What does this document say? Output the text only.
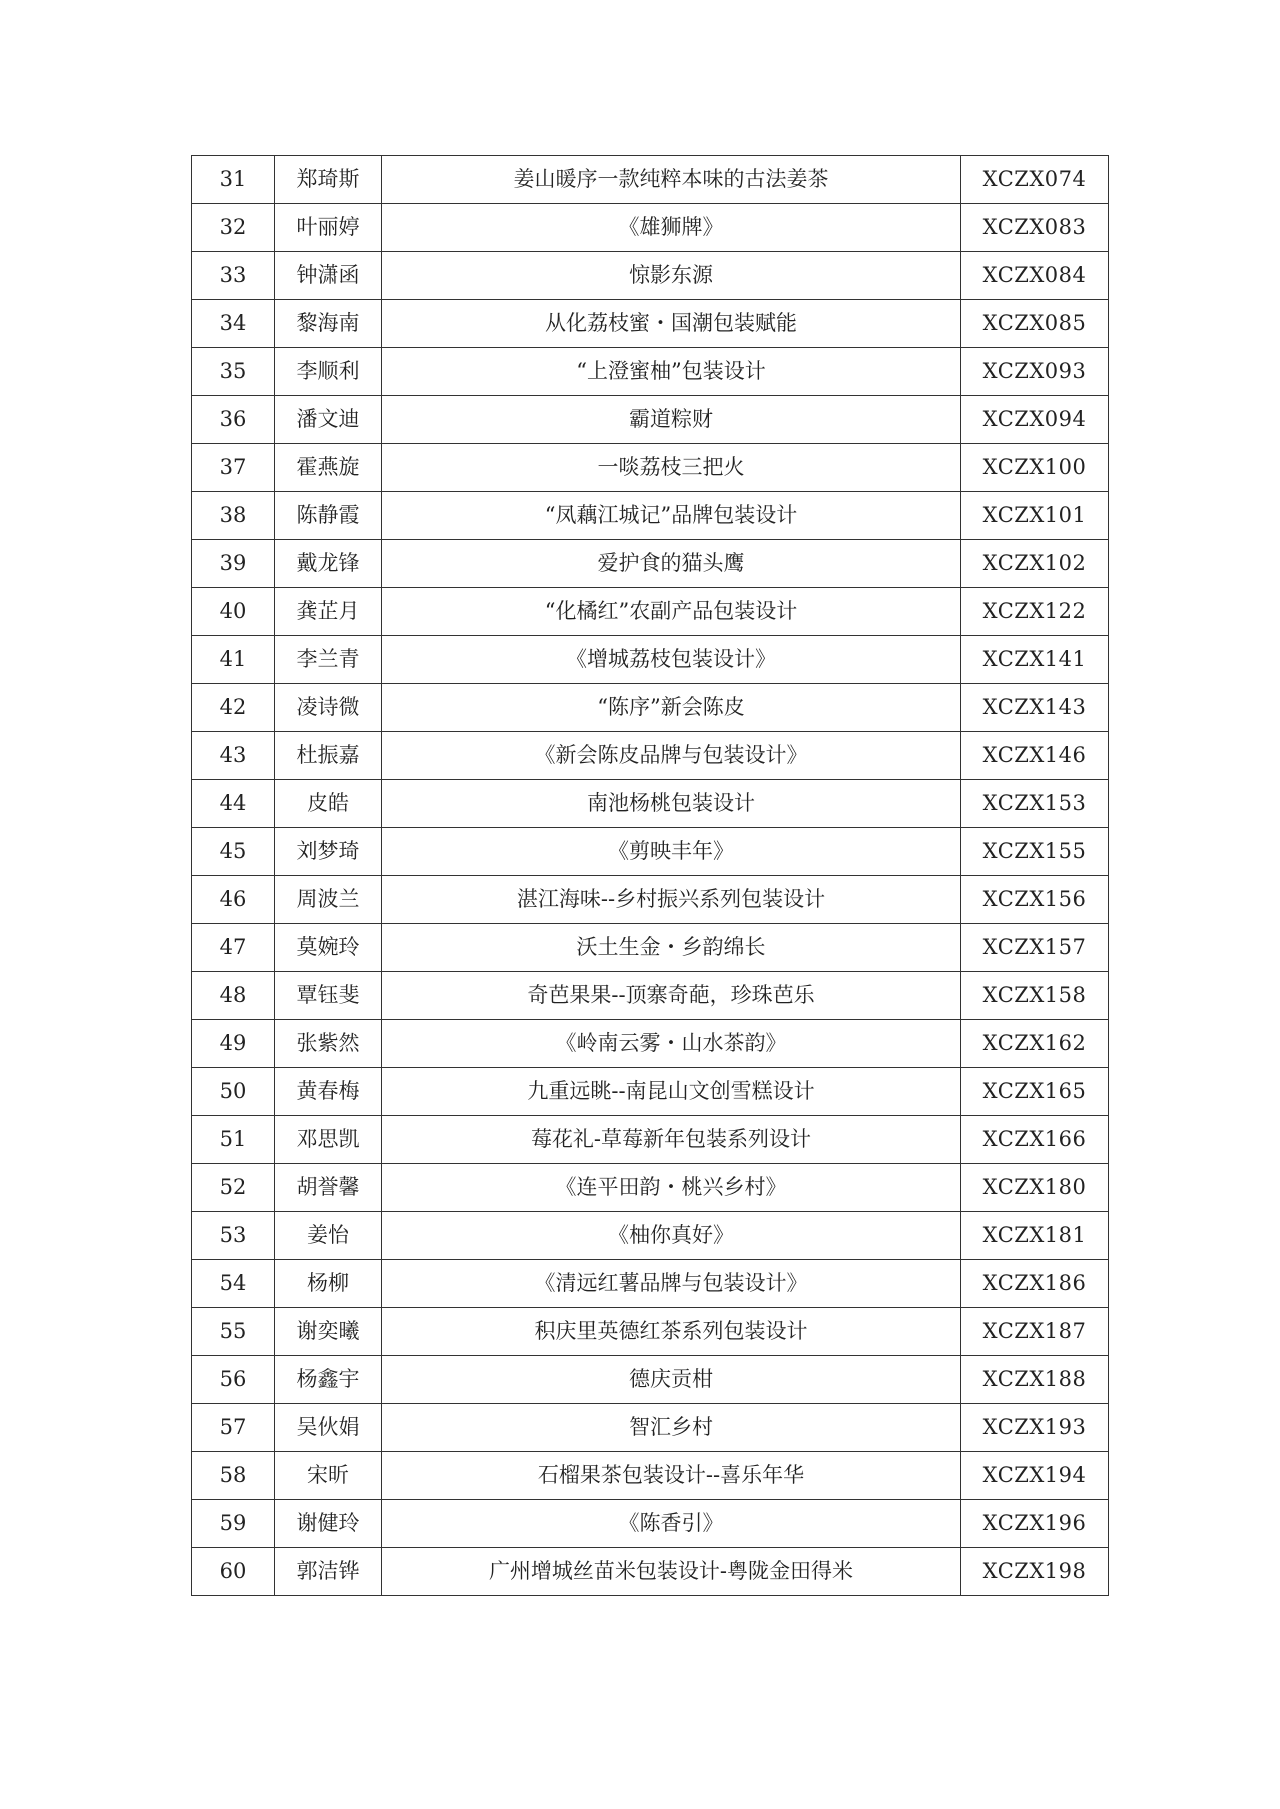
31	郑琦斯	姜山暖序一款纯粹本味的古法姜茶	XCZX074
32	叶丽婷	《雄狮牌》	XCZX083
33	钟潇函	惊影东源	XCZX084
34	黎海南	从化荔枝蜜・国潮包装赋能	XCZX085
35	李顺利	“上澄蜜柚”包装设计	XCZX093
36	潘文迪	霸道粽财	XCZX094
37	霍燕旋	一啖荔枝三把火	XCZX100
38	陈静霞	“凤藕江城记”品牌包装设计	XCZX101
39	戴龙锋	爱护食的猫头鹰	XCZX102
40	龚芷月	“化橘红”农副产品包装设计	XCZX122
41	李兰青	《增城荔枝包装设计》	XCZX141
42	凌诗微	“陈序”新会陈皮	XCZX143
43	杜振嘉	《新会陈皮品牌与包装设计》	XCZX146
44	皮皓	南池杨桃包装设计	XCZX153
45	刘梦琦	《剪映丰年》	XCZX155
46	周波兰	湛江海味--乡村振兴系列包装设计	XCZX156
47	莫婉玲	沃土生金・乡韵绵长	XCZX157
48	覃钰斐	奇芭果果--顶寨奇葩，珍珠芭乐	XCZX158
49	张紫然	《岭南云雾・山水茶韵》	XCZX162
50	黄春梅	九重远眺--南昆山文创雪糕设计	XCZX165
51	邓思凯	莓花礼-草莓新年包装系列设计	XCZX166
52	胡誉馨	《连平田韵・桃兴乡村》	XCZX180
53	姜怡	《柚你真好》	XCZX181
54	杨柳	《清远红薯品牌与包装设计》	XCZX186
55	谢奕曦	积庆里英德红茶系列包装设计	XCZX187
56	杨鑫宇	德庆贡柑	XCZX188
57	吴伙娟	智汇乡村	XCZX193
58	宋昕	石榴果茶包装设计--喜乐年华	XCZX194
59	谢健玲	《陈香引》	XCZX196
60	郭洁铧	广州增城丝苗米包装设计-粤陇金田得米	XCZX198
